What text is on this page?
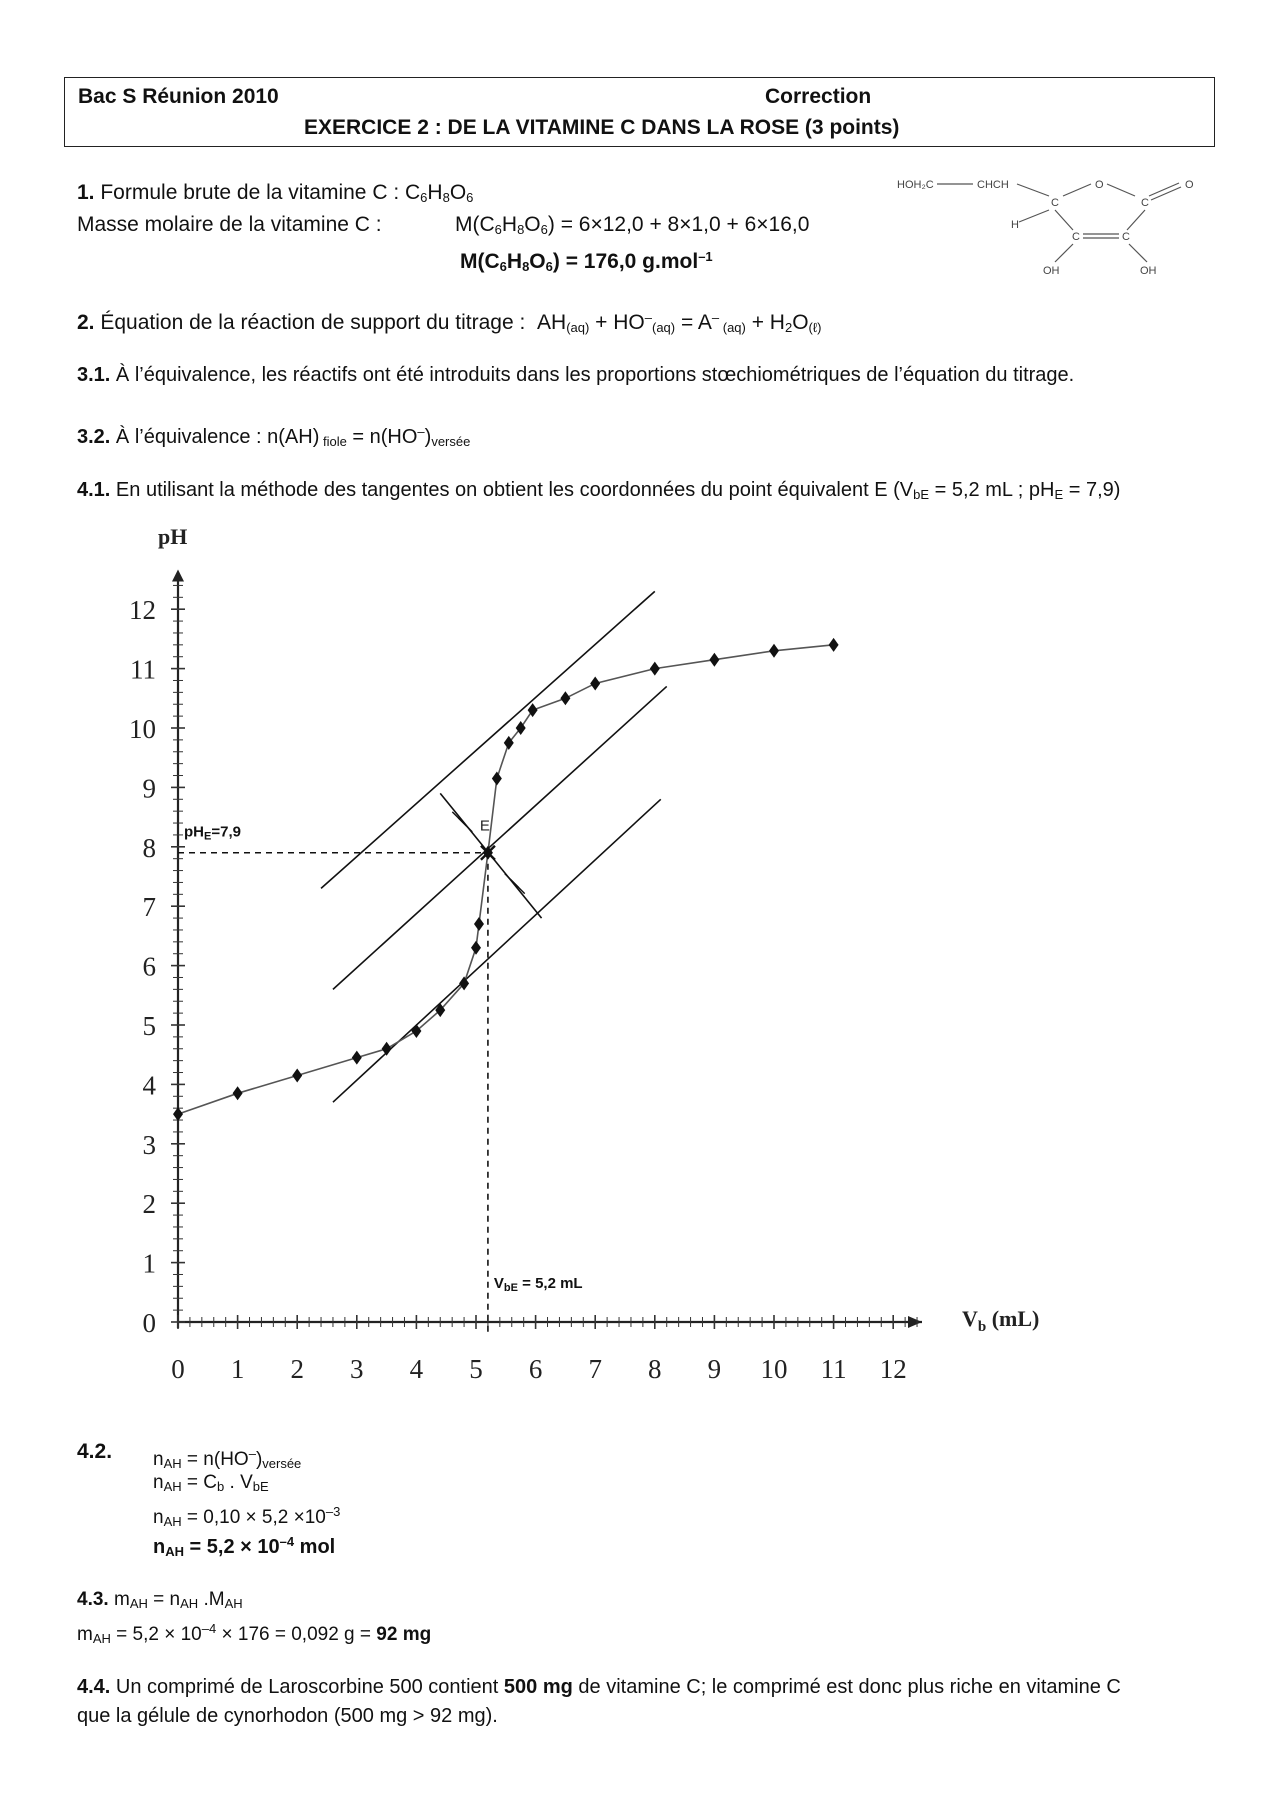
Bac S Réunion 2010	Correction
EXERCICE 2 : DE LA VITAMINE C DANS LA ROSE (3 points)
1. Formule brute de la vitamine C : $C_6H_8O_6$
Masse molaire de la vitamine C :	$M(C_6H_8O_6) = 6\times 12,0 + 8\times 1,0 + 6\times 16,0$
$M(C_6H_8O_6) = 176,0$ g.mol$^{-1}$
HOH₂C	CHCH	O	O
C	C
C	C
H
OH	OH
2. Équation de la réaction de support du titrage : $AH_{(aq)} + HO^-_{(aq)} = A^-$ $_{(aq)} + H_2O_{(\ell)}$
3.1. À l’équivalence, les réactifs ont été introduits dans les proportions stœchiométriques de l’équation du titrage.
3.2. À l’équivalence : n(AH) $_{fiole} = n(HO^-)_{versée}$
4.1. En utilisant la méthode des tangentes on obtient les coordonnées du point équivalent E ($V_{bE} = 5,2$ mL ; $pH_E = 7,9$)
0 1 2 3 4 5 6 7 8 9 10 11 12
0
1
2
3
4
5
6
7
8
9
10
11
12
pH
$V_b$ (mL)
E
$pH_E=7,9$
$V_{bE} = 5,2$ mL
4.2. $n_{AH} = n(HO^-)_{versée}$
$n_{AH} = C_b$ . $V_{bE}$
$n_{AH} = 0,10 \times 5,2 \times 10^{-3}$
$n_{AH} = 5,2 \times 10^{-4}$ mol
4.3. $m_{AH} = n_{AH}$ $.M_{AH}$
$m_{AH} = 5,2 \times 10^{-4} \times 176 = 0,092$ g = 92 mg
4.4. Un comprimé de Laroscorbine 500 contient 500 mg de vitamine C; le comprimé est donc plus riche en vitamine C
que la gélule de cynorhodon (500 mg > 92 mg).
